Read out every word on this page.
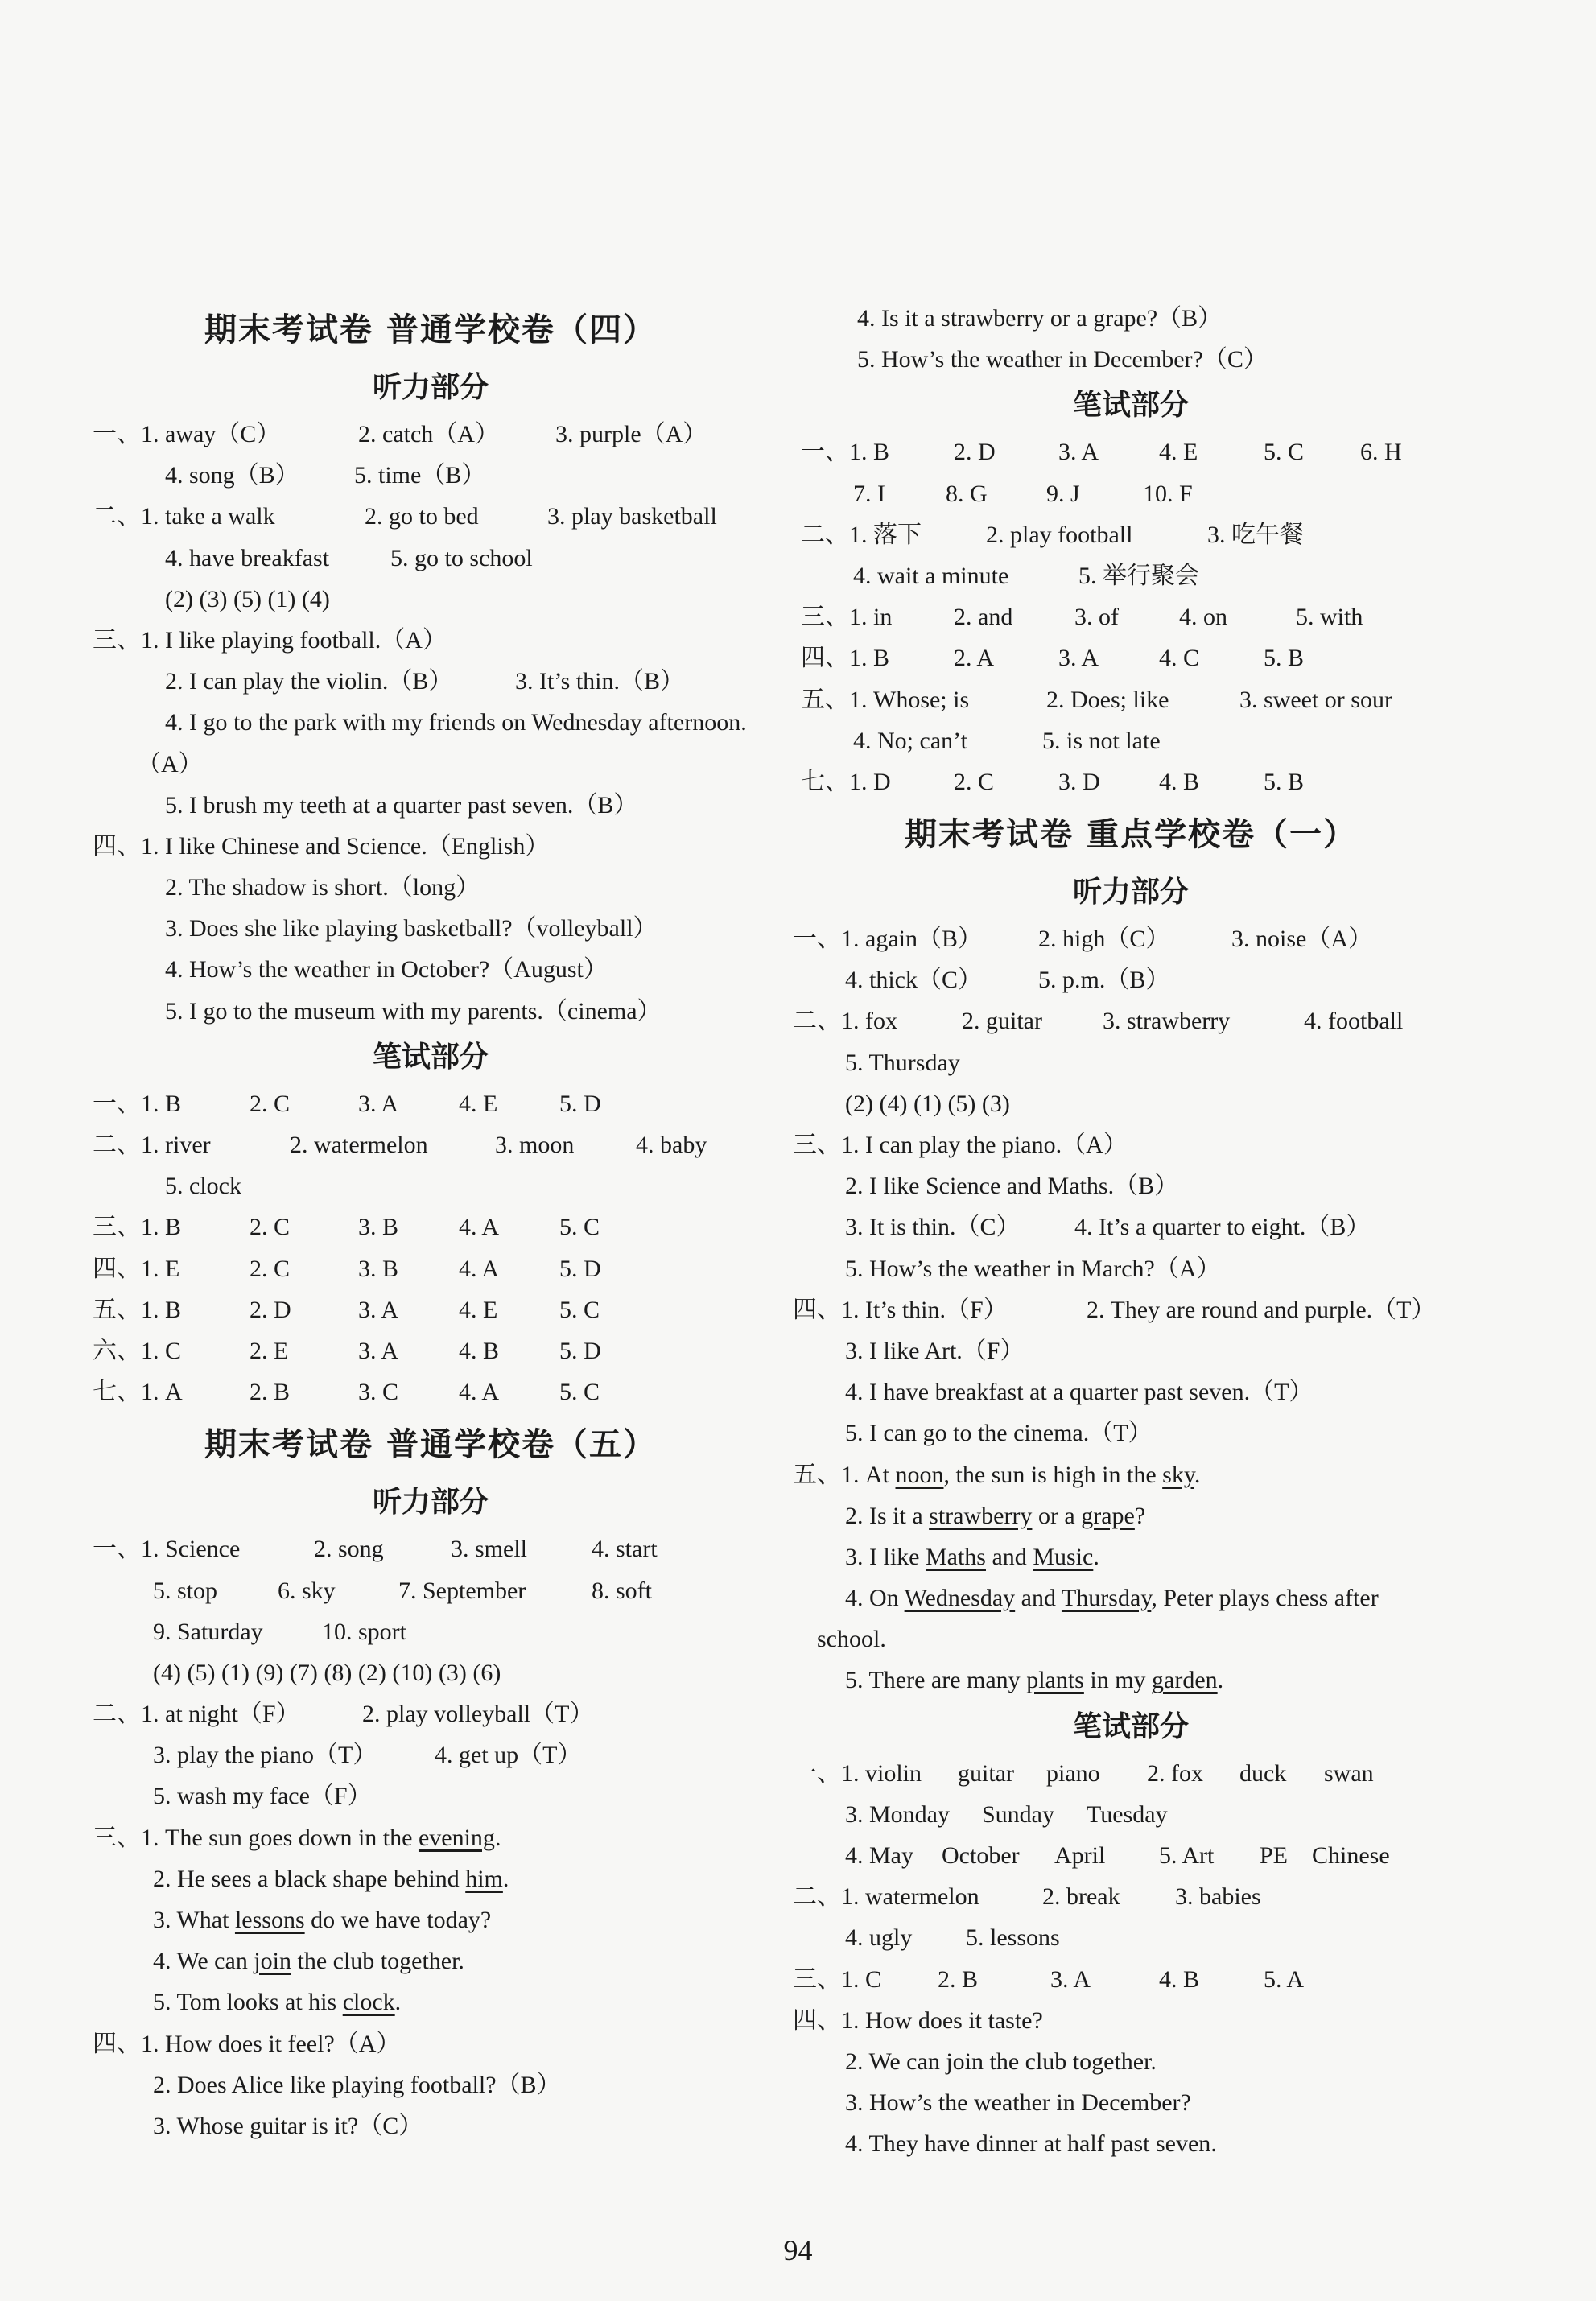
期末考试卷 普通学校卷（四）
听力部分
一、1. away（C）	2. catch（A） 3. purple（A）
4. song（B） 5. time（B）
二、1. take a walk	2. go to bed	3. play basketball
4. have breakfast	5. go to school
(2) (3) (5) (1) (4)
三、1. I like playing football.（A）
2. I can play the violin.（B）	3. It’s thin.（B）
4. I go to the park with my friends on Wednesday afternoon.
（A）
5. I brush my teeth at a quarter past seven.（B）
四、1. I like Chinese and Science.（English）
2. The shadow is short.（long）
3. Does she like playing basketball?（volleyball）
4. How’s the weather in October?（August）
5. I go to the museum with my parents.（cinema）
笔试部分
一、1. B	2. C	3. A 4. E	5. D
二、1. river	2. watermelon	3. moon	4. baby
5. clock
三、1. B	2. C	3. B 4. A 5. C
四、1. E	2. C	3. B 4. A 5. D
五、1. B	2. D	3. A 4. E	5. C
六、1. C	2. E	3. A 4. B 5. D
七、1. A	2. B	3. C 4. A 5. C
期末考试卷 普通学校卷（五）
听力部分
一、1. Science	2. song	3. smell	4. start
5. stop 6. sky	7. September	8. soft
9. Saturday 10. sport
(4) (5) (1) (9) (7) (8) (2) (10) (3) (6)
二、1. at night（F）	2. play volleyball（T）
3. play the piano（T） 4. get up（T）
5. wash my face（F）
三、1. The sun goes down in the evening.
2. He sees a black shape behind him.
3. What lessons do we have today?
4. We can join the club together.
5. Tom looks at his clock.
四、1. How does it feel?（A）
2. Does Alice like playing football?（B）
3. Whose guitar is it?（C）
4. Is it a strawberry or a grape?（B）
5. How’s the weather in December?（C）
笔试部分
一、1. B	2. D	3. A 4. E	5. C 6. H
7. I	8. G 9. J	10. F
二、1. 落下	2. play football	3. 吃午餐
4. wait a minute	5. 举行聚会
三、1. in	2. and	3. of	4. on	5. with
四、1. B	2. A	3. A 4. C	5. B
五、1. Whose; is	2. Does; like	3. sweet or sour
4. No; can’t	5. is not late
七、1. D	2. C	3. D 4. B	5. B
期末考试卷 重点学校卷（一）
听力部分
一、1. again（B） 2. high（C）	3. noise（A）
4. thick（C） 5. p.m.（B）
二、1. fox	2. guitar	3. strawberry	4. football
5. Thursday
(2) (4) (1) (5) (3)
三、1. I can play the piano.（A）
2. I like Science and Maths.（B）
3. It is thin.（C） 4. It’s a quarter to eight.（B）
5. How’s the weather in March?（A）
四、1. It’s thin.（F）	2. They are round and purple.（T）
3. I like Art.（F）
4. I have breakfast at a quarter past seven.（T）
5. I can go to the cinema.（T）
五、1. At noon, the sun is high in the sky.
2. Is it a strawberry or a grape?
3. I like Maths and Music.
4. On Wednesday and Thursday, Peter plays chess after
school.
5. There are many plants in my garden.
笔试部分
一、1. violin guitar piano 2. fox duck swan
3. Monday Sunday Tuesday
4. May October April 5. Art PE Chinese
二、1. watermelon	2. break 3. babies
4. ugly 5. lessons
三、1. C 2. B	3. A	4. B	5. A
四、1. How does it taste?
2. We can join the club together.
3. How’s the weather in December?
4. They have dinner at half past seven.
94
